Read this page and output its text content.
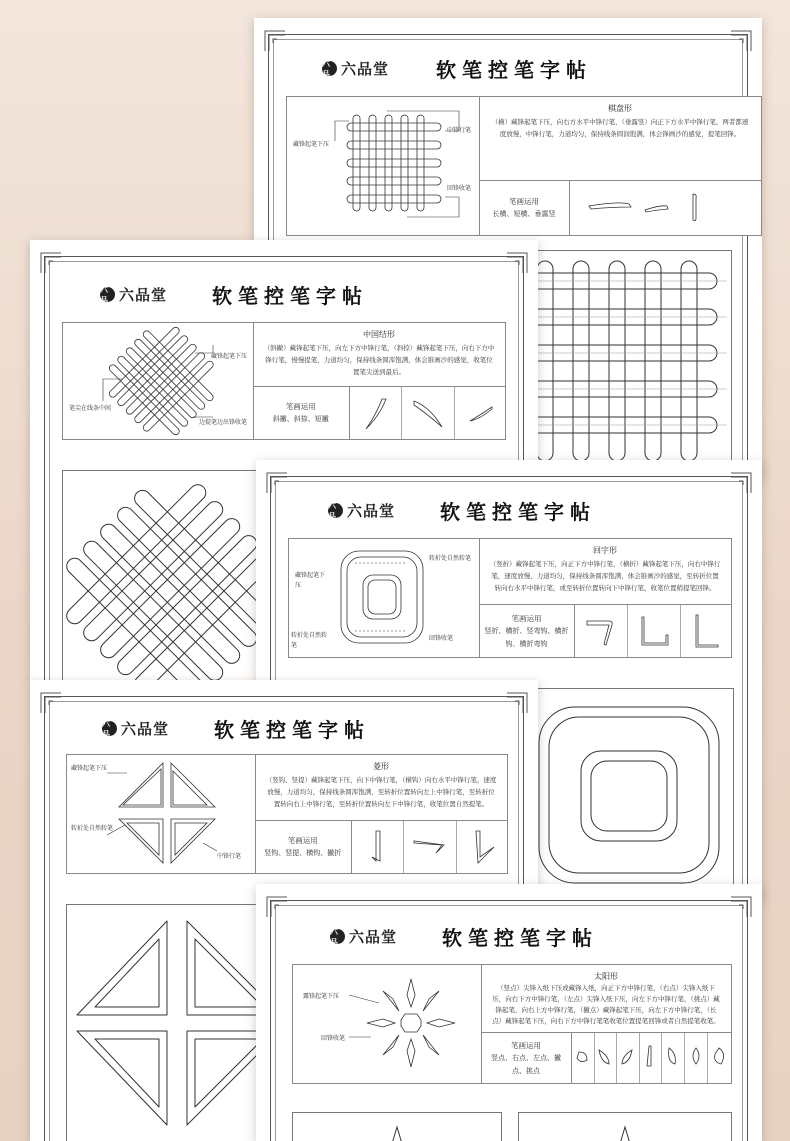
六品 六品堂 软笔控笔字帖
藏锋起笔下压
中锋行笔
回锋收笔
棋盘形
（横）藏锋起笔下压，向右方水平中锋行笔，（垂露竖）向正下方水平中锋行笔，两者都速度放慢，中锋行笔，力道均匀，保持线条圆润饱满，体会锋画沙的感觉，提笔回锋。
笔画运用
长横、短横、垂露竖
六品 六品堂 软笔控笔字帖
藏锋起笔下压
笔尖在线条中间
边提笔边出锋收笔
中国结形
（斜撇）藏锋起笔下压，向左下方中锋行笔，（斜捺）藏锋起笔下压，向右下方中锋行笔，慢慢提笔，力道均匀，保持线条圆浑饱满，体会锥画沙的感觉，收笔位置笔尖送到最后。
笔画运用
斜撇、斜捺、短撇
六品 六品堂 软笔控笔字帖
转折处自然转笔
藏锋起笔下压
转折处自然转笔
回锋收笔
回字形
（竖折）藏锋起笔下压，向正下方中锋行笔，（横折）藏锋起笔下压，向右中锋行笔，速度放慢、力道均匀，保持线条圆浑饱满，体会锥画沙的感觉，至转折位置转向右水平中锋行笔，或至转折位置转向下中锋行笔，收笔位置稍提笔回锋。
笔画运用
竖折、横折、竖弯钩、横折钩、横折弯钩
六品 六品堂 软笔控笔字帖
藏锋起笔下压
转折处自然转笔
中锋行笔
菱形
（竖钩、竖提）藏锋起笔下压，向下中锋行笔，（横钩）向右水平中锋行笔，速度放慢，力道均匀，保持线条圆浑饱满，至转折位置转向左上中锋行笔，至转折位置转向右上中锋行笔，至转折位置转向左下中锋行笔，收笔位置自然提笔。
笔画运用
竖钩、竖提、横钩、撇折
六品 六品堂 软笔控笔字帖
露锋起笔下压
回锋收笔
太阳形
（竖点）尖锋入纸下压或藏锋入纸，向正下方中锋行笔，（右点）尖锋入纸下压，向右下方中锋行笔，（左点）尖锋入纸下压，向左下方中锋行笔，（挑点）藏锋起笔，向右上方中锋行笔，（撇点）藏锋起笔下压，向左下方中锋行笔，（长点）藏锋起笔下压，向右下方中锋行笔笔收笔位置提笔回锋或者自然提笔收笔。
笔画运用
竖点、右点、左点、撇点、挑点
